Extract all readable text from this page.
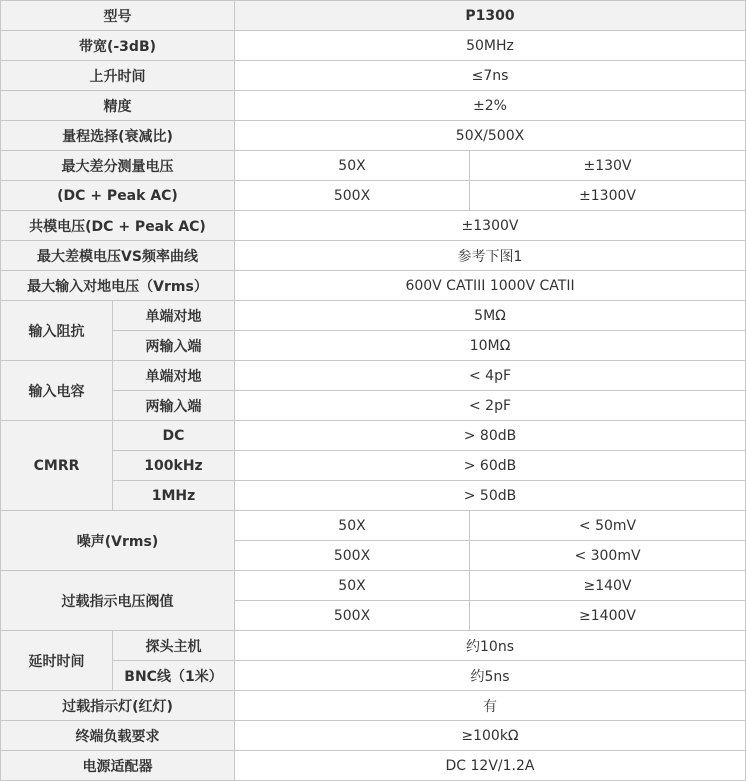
型号		P1300	
带宽(-3dB)		50MHz	
上升时间		≤7ns	
精度		±2%	
量程选择(衰减比)		50X/500X	
最大差分测量电压		50X	±130V
(DC + Peak AC)		500X	±1300V
共模电压(DC + Peak AC)		±1300V	
最大差模电压VS频率曲线		参考下图1	
最大输入对地电压（Vrms）		600V CATIII 1000V CATII	
输入阻抗	单端对地	5MΩ	
	两输入端	10MΩ	
输入电容	单端对地	< 4pF	
	两输入端	< 2pF	
CMRR	DC	> 80dB	
	100kHz	> 60dB	
	1MHz	> 50dB	
噪声(Vrms)		50X	< 50mV
		500X	< 300mV
过载指示电压阀值		50X	≥140V
		500X	≥1400V
延时时间	探头主机	约10ns	
	BNC线（1米）	约5ns	
过载指示灯(红灯)		有	
终端负载要求		≥100kΩ	
电源适配器		DC 12V/1.2A	
